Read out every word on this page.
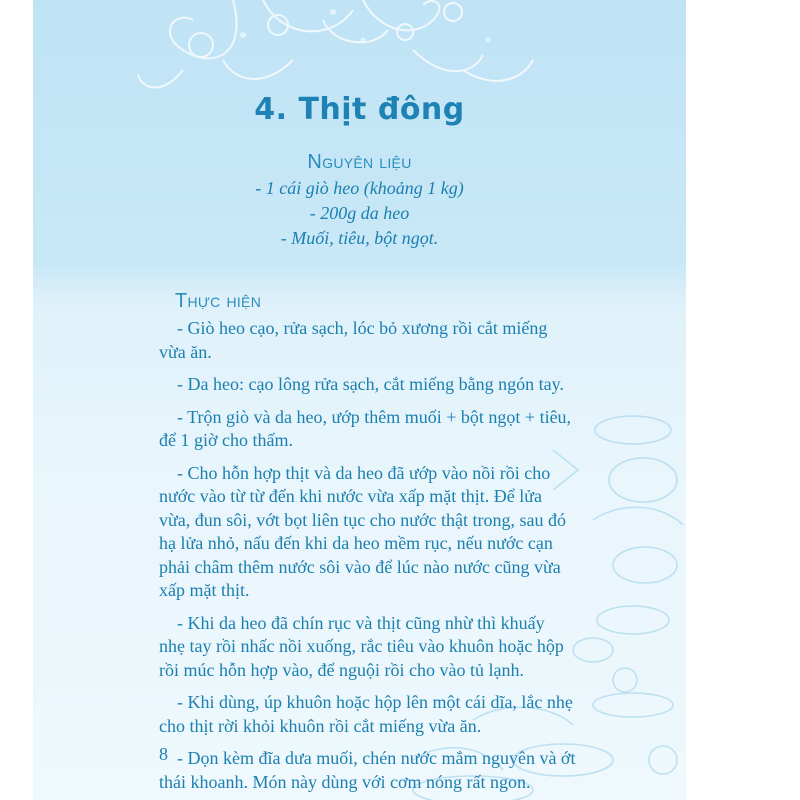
4. Thịt đông
Nguyên liệu
- 1 cái giò heo (khoảng 1 kg)
- 200g da heo
- Muối, tiêu, bột ngọt.
Thực hiện
- Giò heo cạo, rửa sạch, lóc bỏ xương rồi cắt miếng
vừa ăn.
- Da heo: cạo lông rửa sạch, cắt miếng bằng ngón tay.
- Trộn giò và da heo, ướp thêm muối + bột ngọt + tiêu,
để 1 giờ cho thấm.
- Cho hỗn hợp thịt và da heo đã ướp vào nồi rồi cho
nước vào từ từ đến khi nước vừa xấp mặt thịt. Để lửa
vừa, đun sôi, vớt bọt liên tục cho nước thật trong, sau đó
hạ lửa nhỏ, nấu đến khi da heo mềm rục, nếu nước cạn
phải châm thêm nước sôi vào để lúc nào nước cũng vừa
xấp mặt thịt.
- Khi da heo đã chín rục và thịt cũng nhừ thì khuấy
nhẹ tay rồi nhấc nồi xuống, rắc tiêu vào khuôn hoặc hộp
rồi múc hỗn hợp vào, để nguội rồi cho vào tủ lạnh.
- Khi dùng, úp khuôn hoặc hộp lên một cái dĩa, lắc nhẹ
cho thịt rời khỏi khuôn rồi cắt miếng vừa ăn.
- Dọn kèm đĩa dưa muối, chén nước mắm nguyên và ớt
thái khoanh. Món này dùng với cơm nóng rất ngon.
8
